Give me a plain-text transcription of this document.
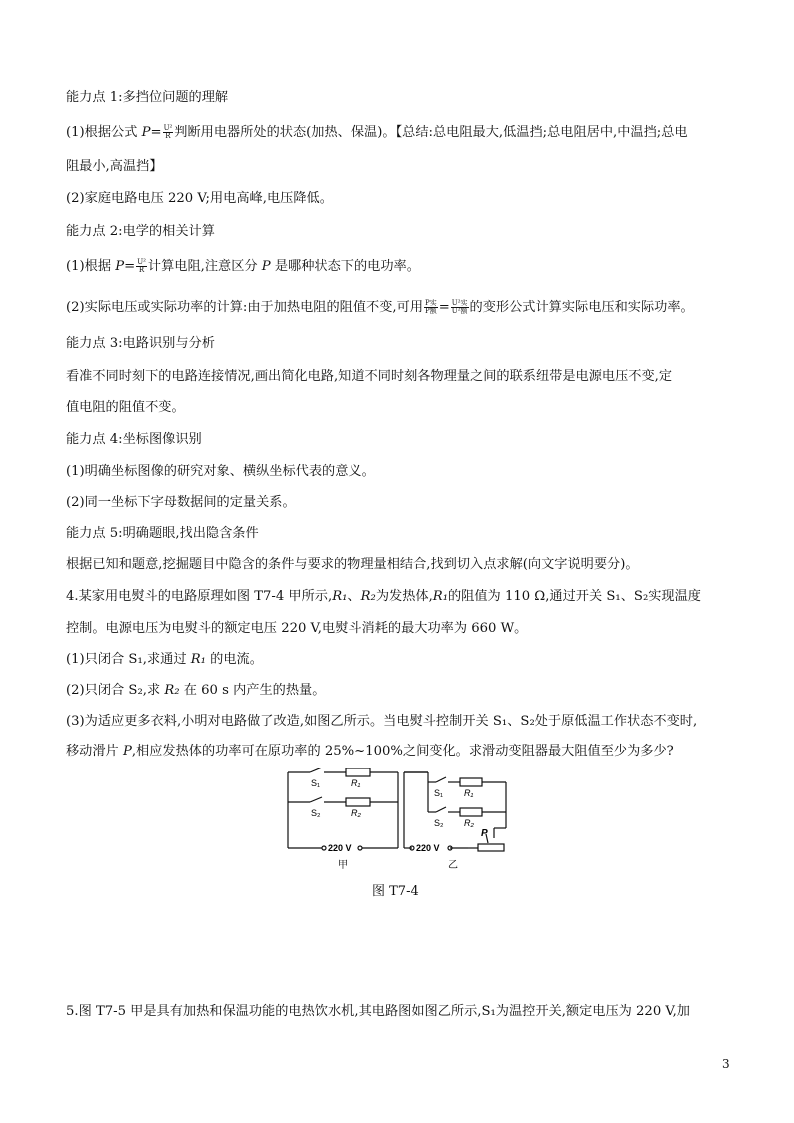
能力点 1:多挡位问题的理解
(1)根据公式 $P= \frac{\text{U²}}{R}$ 判断用电器所处的状态(加热、保温)。【总结:总电阻最大,低温挡;总电阻居中,中温挡;总电
阻最小,高温挡】
(2)家庭电路电压 220 V;用电高峰,电压降低。
能力点 2:电学的相关计算
(1)根据 $P= \frac{\text{U²}}{R}$ 计算电阻,注意区分 P 是哪种状态下的电功率。
(2)实际电压或实际功率的计算:由于加热电阻的阻值不变,可用 $\frac{\text{P实}}{\text{P额}} = \frac{\text{U²实}}{\text{U²额}}$ 的变形公式计算实际电压和实际功率。
能力点 3:电路识别与分析
看准不同时刻下的电路连接情况,画出简化电路,知道不同时刻各物理量之间的联系纽带是电源电压不变,定
值电阻的阻值不变。
能力点 4:坐标图像识别
(1)明确坐标图像的研究对象、横纵坐标代表的意义。
(2)同一坐标下字母数据间的定量关系。
能力点 5:明确题眼,找出隐含条件
根据已知和题意,挖掘题目中隐含的条件与要求的物理量相结合,找到切入点求解(向文字说明要分)。
4.某家用电熨斗的电路原理如图 T7-4 甲所示,R₁、R₂为发热体,R₁的阻值为 110 Ω,通过开关 S₁、S₂实现温度
控制。电源电压为电熨斗的额定电压 220 V,电熨斗消耗的最大功率为 660 W。
(1)只闭合 S₁,求通过 R₁ 的电流。
(2)只闭合 S₂,求 R₂ 在 60 s 内产生的热量。
(3)为适应更多衣料,小明对电路做了改造,如图乙所示。当电熨斗控制开关 S₁、S₂处于原低温工作状态不变时,
移动滑片 P,相应发热体的功率可在原功率的 25%~100%之间变化。求滑动变阻器最大阻值至少为多少?
S₁	R₁
S₂	R₂
220 V
甲
S₁ R₁
S₂ R₂
P
220 V
乙
图 T7-4
5.图 T7-5 甲是具有加热和保温功能的电热饮水机,其电路图如图乙所示,S₁为温控开关,额定电压为 220 V,加
3
